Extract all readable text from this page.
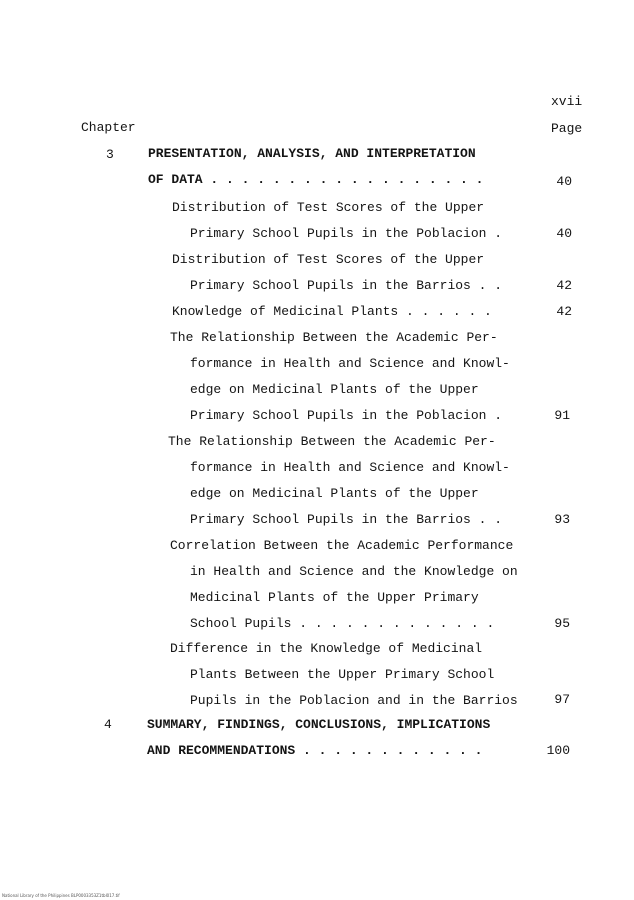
xvii
Chapter	Page
3	PRESENTATION, ANALYSIS, AND INTERPRETATION
OF DATA . . . . . . . . . . . . . . . . . .	40
Distribution of Test Scores of the Upper
Primary School Pupils in the Poblacion .	40
Distribution of Test Scores of the Upper
Primary School Pupils in the Barrios . .	42
Knowledge of Medicinal Plants . . . . . .	42
The Relationship Between the Academic Per-
formance in Health and Science and Knowl-
edge on Medicinal Plants of the Upper
Primary School Pupils in the Poblacion .	91
The Relationship Between the Academic Per-
formance in Health and Science and Knowl-
edge on Medicinal Plants of the Upper
Primary School Pupils in the Barrios . .	93
Correlation Between the Academic Performance
in Health and Science and the Knowledge on
Medicinal Plants of the Upper Primary
School Pupils . . . . . . . . . . . . .	95
Difference in the Knowledge of Medicinal
Plants Between the Upper Primary School
Pupils in the Poblacion and in the Barrios	97
4	SUMMARY, FINDINGS, CONCLUSIONS, IMPLICATIONS
AND RECOMMENDATIONS . . . . . . . . . . . .	100
National Library of the Philippines BLP0003353Z1tbl017.tif
